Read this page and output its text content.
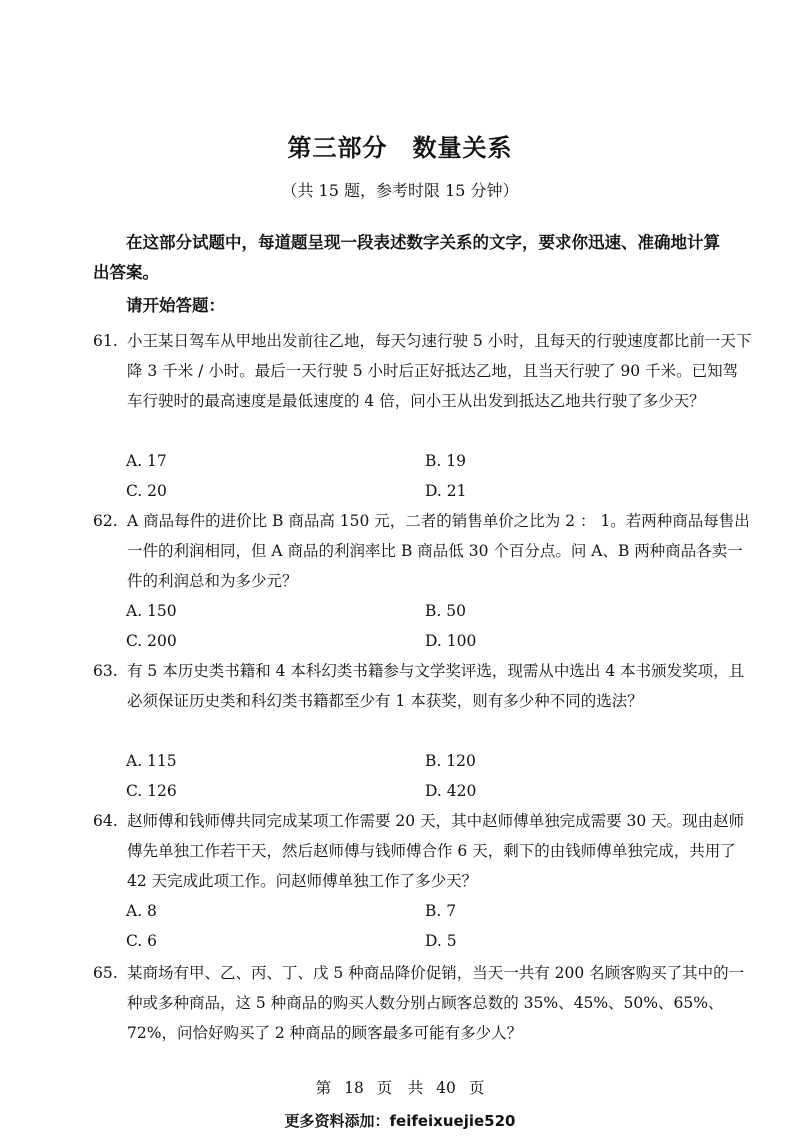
第三部分　数量关系
（共 15 题，参考时限 15 分钟）
在这部分试题中，每道题呈现一段表述数字关系的文字，要求你迅速、准确地计算出答案。
请开始答题：
61. 小王某日驾车从甲地出发前往乙地，每天匀速行驶 5 小时，且每天的行驶速度都比前一天下降 3 千米 / 小时。最后一天行驶 5 小时后正好抵达乙地，且当天行驶了 90 千米。已知驾车行驶时的最高速度是最低速度的 4 倍，问小王从出发到抵达乙地共行驶了多少天？
A. 17	B. 19
C. 20	D. 21
62. A 商品每件的进价比 B 商品高 150 元，二者的销售单价之比为 2 ： 1。若两种商品每售出一件的利润相同，但 A 商品的利润率比 B 商品低 30 个百分点。问 A、B 两种商品各卖一件的利润总和为多少元？
A. 150	B. 50
C. 200	D. 100
63. 有 5 本历史类书籍和 4 本科幻类书籍参与文学奖评选，现需从中选出 4 本书颁发奖项，且必须保证历史类和科幻类书籍都至少有 1 本获奖，则有多少种不同的选法？
A. 115	B. 120
C. 126	D. 420
64. 赵师傅和钱师傅共同完成某项工作需要 20 天，其中赵师傅单独完成需要 30 天。现由赵师傅先单独工作若干天，然后赵师傅与钱师傅合作 6 天，剩下的由钱师傅单独完成，共用了 42 天完成此项工作。问赵师傅单独工作了多少天？
A. 8	B. 7
C. 6	D. 5
65. 某商场有甲、乙、丙、丁、戊 5 种商品降价促销，当天一共有 200 名顾客购买了其中的一种或多种商品，这 5 种商品的购买人数分别占顾客总数的 35%、45%、50%、65%、72%，问恰好购买了 2 种商品的顾客最多可能有多少人？
第 18 页　共 40 页
更多资料添加：feifeixuejie520
